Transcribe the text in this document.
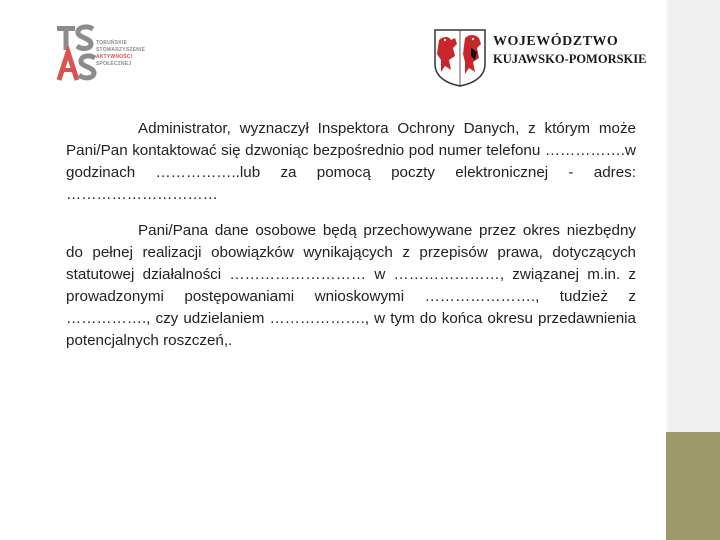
TORUŃSKIE
STOWARZYSZENIE
AKTYWNOŚCI
SPOŁECZNEJ
WOJEWÓDZTWO
KUJAWSKO-POMORSKIE

Administrator, wyznaczył Inspektora Ochrony Danych, z którym może Pani/Pan kontaktować się dzwoniąc bezpośrednio pod numer telefonu …………….w godzinach ……………..lub za pomocą poczty elektronicznej - adres: …………………………

Pani/Pana dane osobowe będą przechowywane przez okres niezbędny do pełnej realizacji obowiązków wynikających z przepisów prawa, dotyczących statutowej działalności ……………………… w …………………, związanej m.in. z prowadzonymi postępowaniami wnioskowymi …………………., tudzież z ……………., czy udzielaniem ………………., w tym do końca okresu przedawnienia potencjalnych roszczeń,.
